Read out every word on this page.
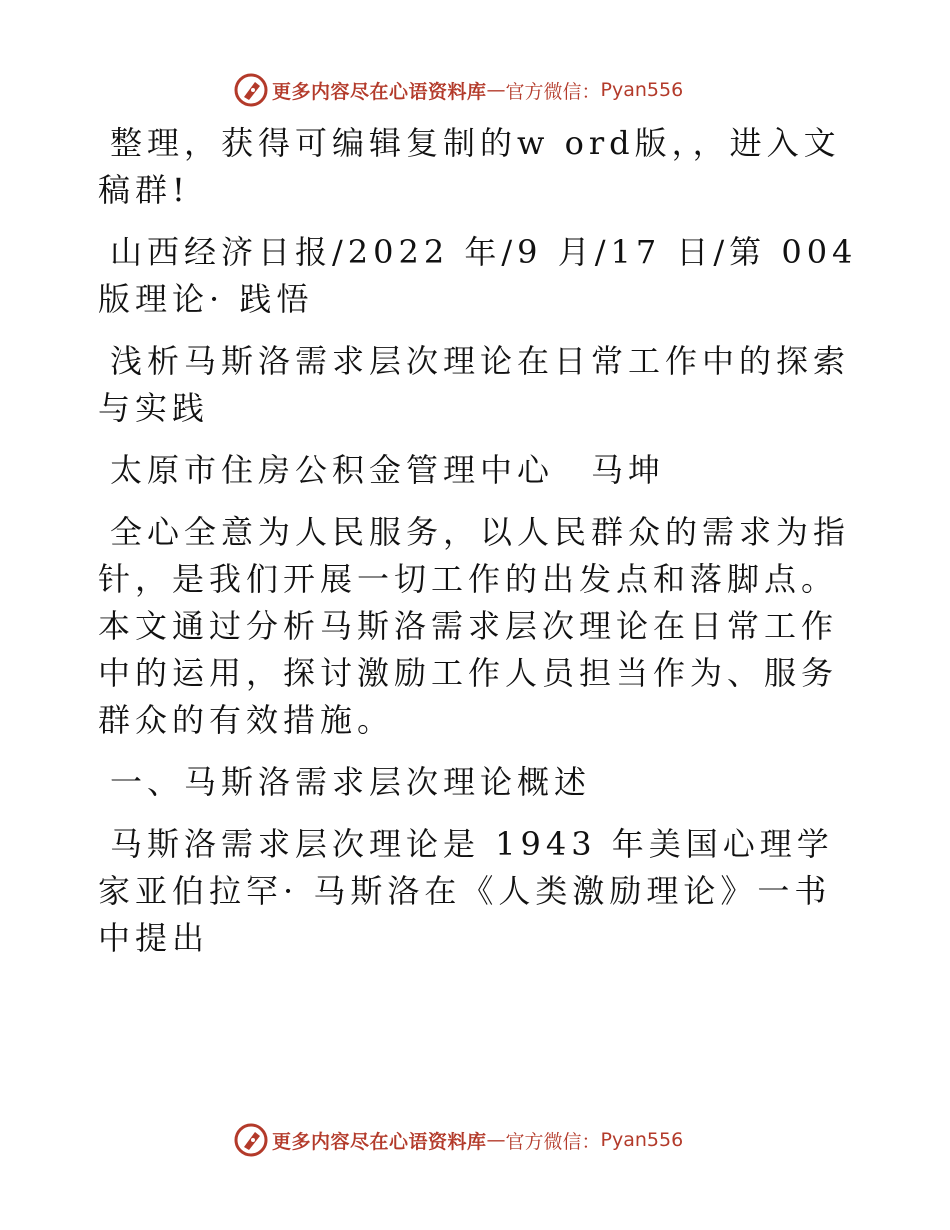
更多内容尽在心语资料库 — 官方微信： Pyan556

整理，获得可编辑复制的w ord版，，进入文稿群!

山西经济日报/2022 年/9 月/17 日/第 004 版理论· 践悟

浅析马斯洛需求层次理论在日常工作中的探索与实践

太原市住房公积金管理中心　马坤

全心全意为人民服务，以人民群众的需求为指 针，是我们开展一切工作的出发点和落脚点。本文通过分析马斯洛需求层次理论在日常工作中的运用，探讨激励工作人员担当作为、服务群众的有效措施。

一、马斯洛需求层次理论概述

马斯洛需求层次理论是 1943 年美国心理学家亚伯拉罕· 马斯洛在《人类激励理论》一书中提出

更多内容尽在心语资料库 — 官方微信： Pyan556
